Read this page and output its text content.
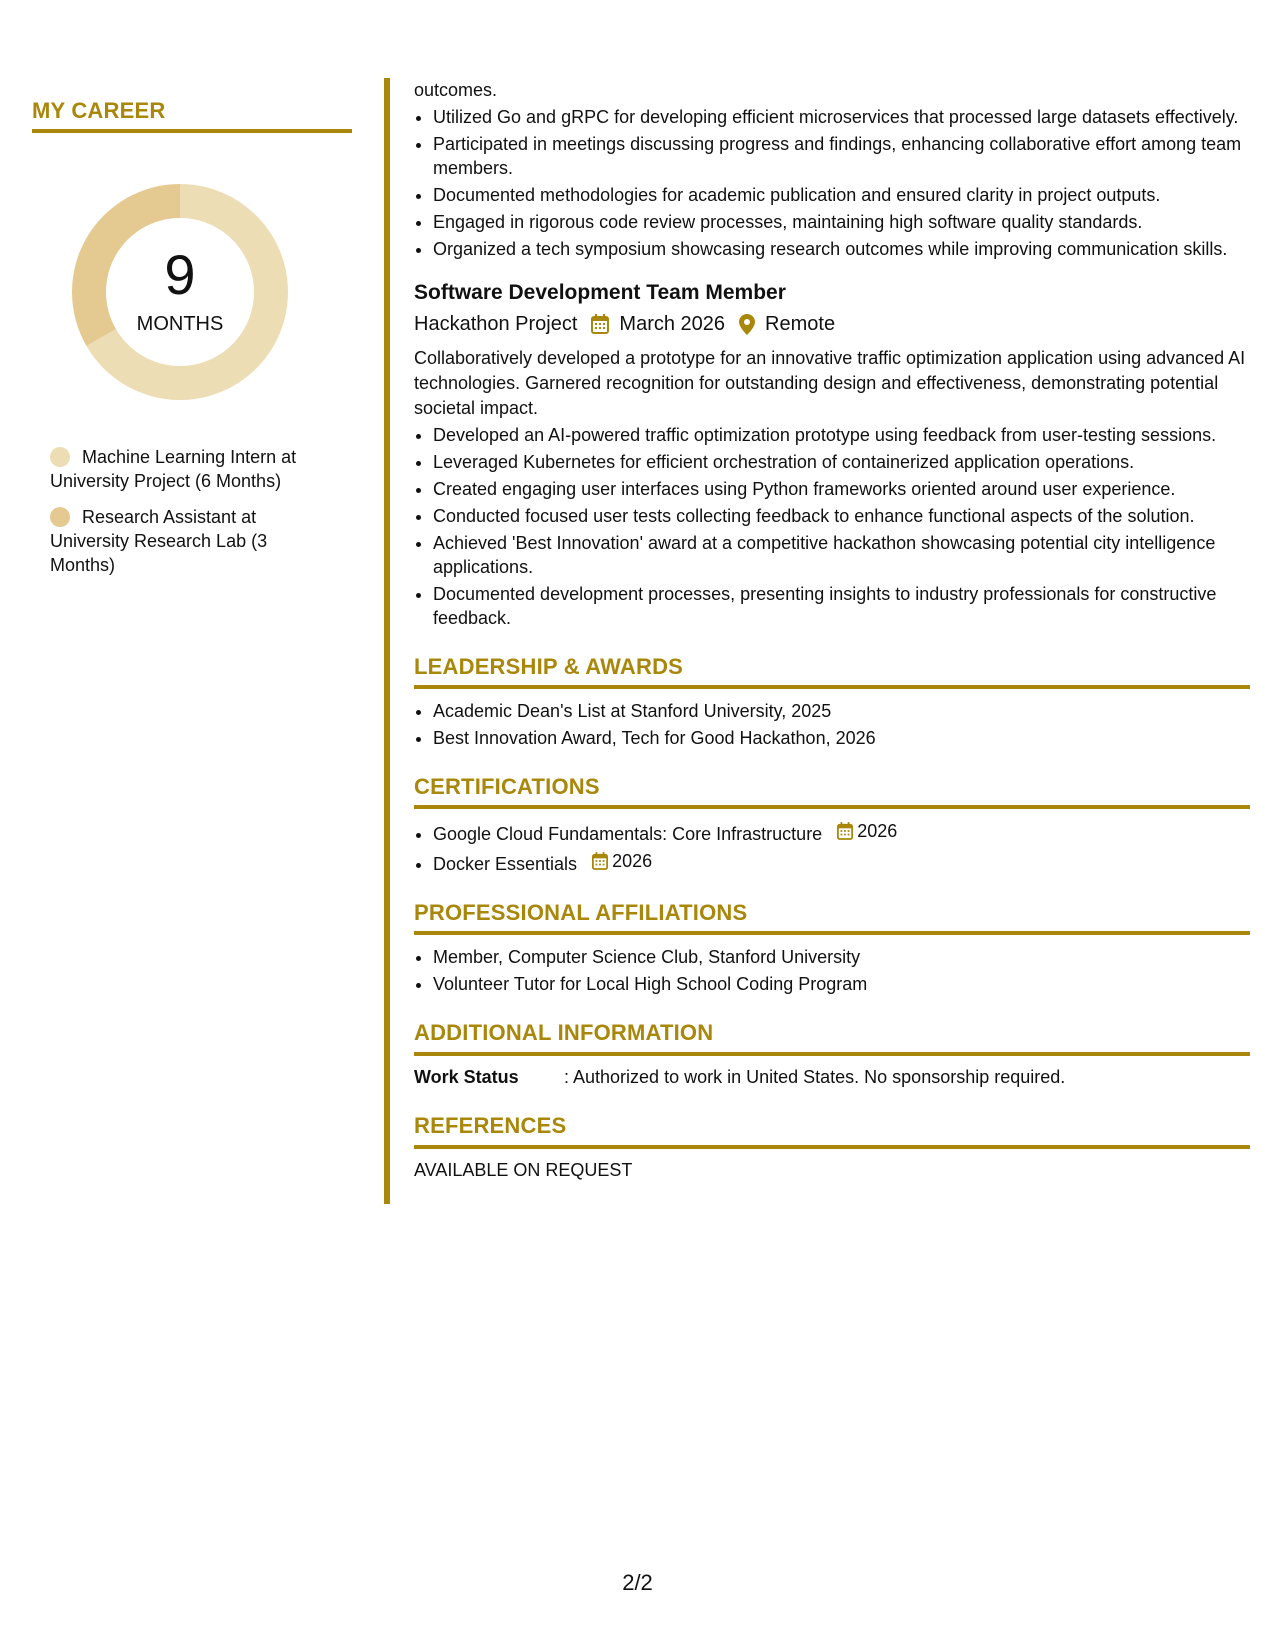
MY CAREER
9
MONTHS
Machine Learning Intern at University Project (6 Months)
Research Assistant at University Research Lab (3 Months)
outcomes.
• Utilized Go and gRPC for developing efficient microservices that processed large datasets effectively.
• Participated in meetings discussing progress and findings, enhancing collaborative effort among team members.
• Documented methodologies for academic publication and ensured clarity in project outputs.
• Engaged in rigorous code review processes, maintaining high software quality standards.
• Organized a tech symposium showcasing research outcomes while improving communication skills.
Software Development Team Member
Hackathon Project March 2026 Remote

Collaboratively developed a prototype for an innovative traffic optimization application using advanced AI technologies. Garnered recognition for outstanding design and effectiveness, demonstrating potential societal impact.

• Developed an AI-powered traffic optimization prototype using feedback from user-testing sessions.
• Leveraged Kubernetes for efficient orchestration of containerized application operations.
• Created engaging user interfaces using Python frameworks oriented around user experience.
• Conducted focused user tests collecting feedback to enhance functional aspects of the solution.
• Achieved 'Best Innovation' award at a competitive hackathon showcasing potential city intelligence applications.
• Documented development processes, presenting insights to industry professionals for constructive feedback.
LEADERSHIP & AWARDS
• Academic Dean's List at Stanford University, 2025
• Best Innovation Award, Tech for Good Hackathon, 2026
CERTIFICATIONS
• Google Cloud Fundamentals: Core Infrastructure 2026
• Docker Essentials 2026
PROFESSIONAL AFFILIATIONS
• Member, Computer Science Club, Stanford University
• Volunteer Tutor for Local High School Coding Program
ADDITIONAL INFORMATION
Work Status	: Authorized to work in United States. No sponsorship required.
REFERENCES
AVAILABLE ON REQUEST
2/2
